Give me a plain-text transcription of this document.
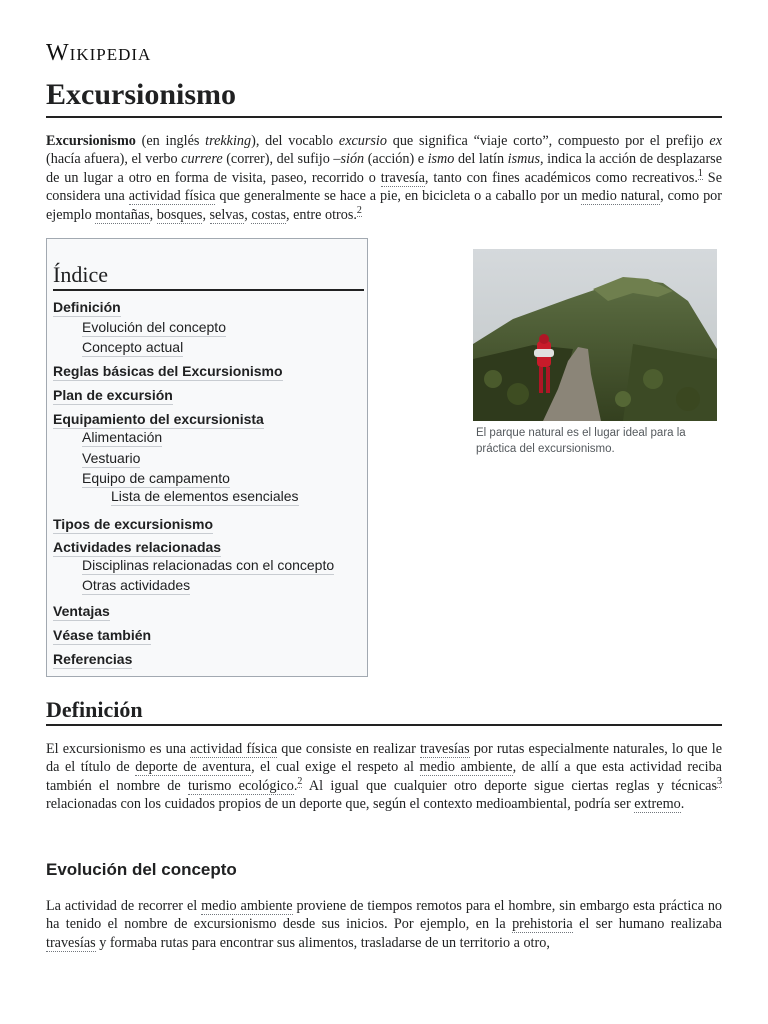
Wikipedia
Excursionismo

Excursionismo (en inglés trekking), del vocablo excursio que significa “viaje corto”, compuesto por el prefijo ex (hacía afuera), el verbo currere (correr), del sufijo –sión (acción) e ismo del latín ismus, indica la acción de desplazarse de un lugar a otro en forma de visita, paseo, recorrido o travesía, tanto con fines académicos como recreativos.$^1$ Se considera una actividad física que generalmente se hace a pie, en bicicleta o a caballo por un medio natural, como por ejemplo montañas, bosques, selvas, costas, entre otros.$^2$

Índice
Definición
Evolución del concepto
Concepto actual
Reglas básicas del Excursionismo
Plan de excursión
Equipamiento del excursionista
Alimentación
Vestuario
Equipo de campamento
Lista de elementos esenciales
Tipos de excursionismo
Actividades relacionadas
Disciplinas relacionadas con el concepto
Otras actividades
Ventajas
Véase también
Referencias
El parque natural es el lugar ideal para la práctica del excursionismo.
Definición

El excursionismo es una actividad física que consiste en realizar travesías por rutas especialmente naturales, lo que le da el título de deporte de aventura, el cual exige el respeto al medio ambiente, de allí a que esta actividad reciba también el nombre de turismo ecológico.$^2$ Al igual que cualquier otro deporte sigue ciertas reglas y técnicas$^3$ relacionadas con los cuidados propios de un deporte que, según el contexto medioambiental, podría ser extremo.

Evolución del concepto

La actividad de recorrer el medio ambiente proviene de tiempos remotos para el hombre, sin embargo esta práctica no ha tenido el nombre de excursionismo desde sus inicios. Por ejemplo, en la prehistoria el ser humano realizaba travesías y formaba rutas para encontrar sus alimentos, trasladarse de un territorio a otro,
